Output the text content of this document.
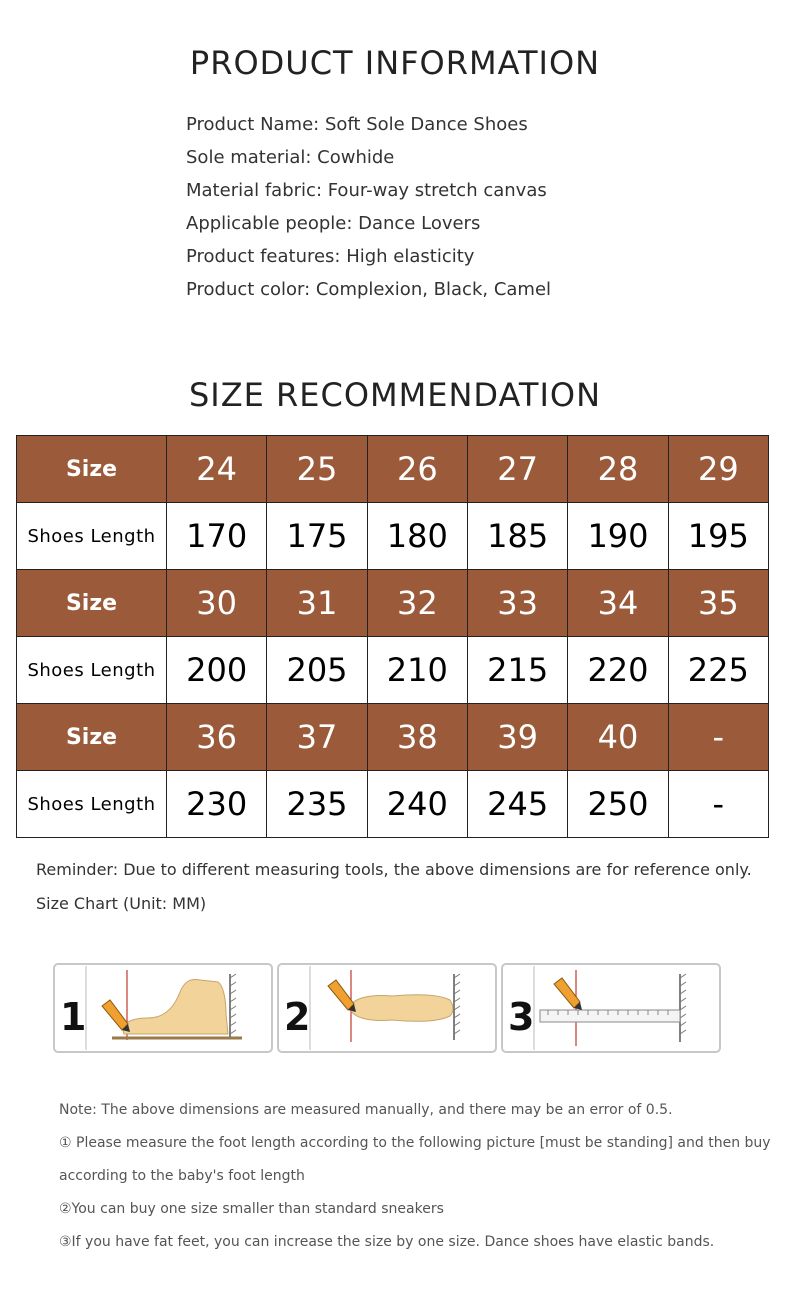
PRODUCT INFORMATION
Product Name: Soft Sole Dance Shoes
Sole material: Cowhide
Material fabric: Four-way stretch canvas
Applicable people: Dance Lovers
Product features: High elasticity
Product color: Complexion, Black, Camel
SIZE RECOMMENDATION
Size	24	25	26	27	28	29
Shoes Length	170	175	180	185	190	195
Size	30	31	32	33	34	35
Shoes Length	200	205	210	215	220	225
Size	36	37	38	39	40	-
Shoes Length	230	235	240	245	250	-

Reminder: Due to different measuring tools, the above dimensions are for reference only.

Size Chart (Unit: MM)

1	2	3
Note: The above dimensions are measured manually, and there may be an error of 0.5.
① Please measure the foot length according to the following picture [must be standing] and then buy
according to the baby's foot length
②You can buy one size smaller than standard sneakers
③If you have fat feet, you can increase the size by one size. Dance shoes have elastic bands.
